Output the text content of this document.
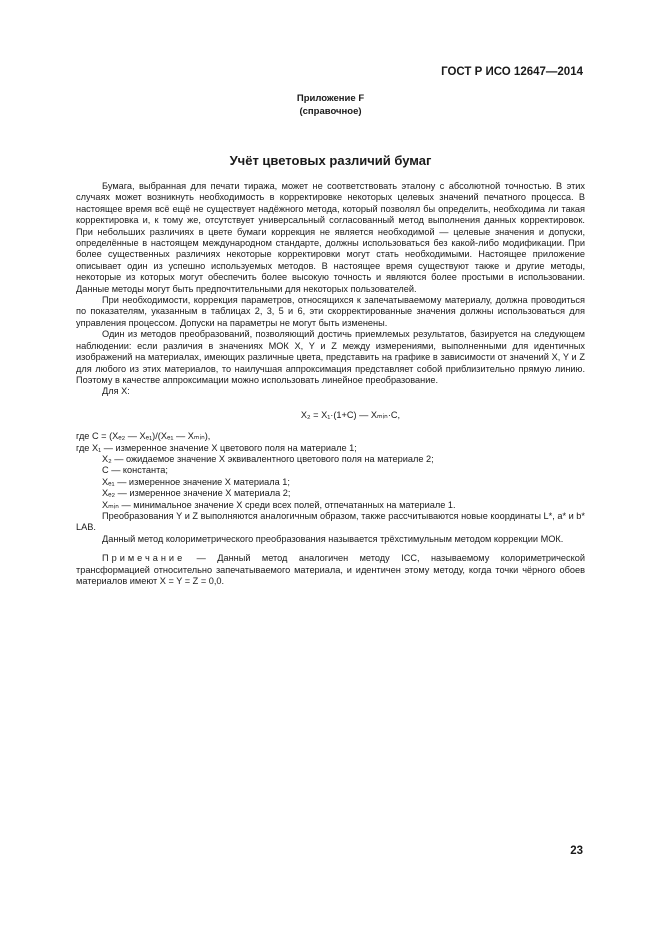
ГОСТ Р ИСО 12647—2014
Приложение F
(справочное)
Учёт цветовых различий бумаг

Бумага, выбранная для печати тиража, может не соответствовать эталону с абсолютной точностью. В этих случаях может возникнуть необходимость в корректировке некоторых целевых значений печатного процесса. В настоящее время всё ещё не существует надёжного метода, который позволял бы определить, необходима ли такая корректировка и, к тому же, отсутствует универсальный согласованный метод выполнения данных корректировок. При небольших различиях в цвете бумаги коррекция не является необходимой — целевые значения и допуски, определённые в настоящем международном стандарте, должны использоваться без какой-либо модификации. При более существенных различиях некоторые корректировки могут стать необходимыми. Настоящее приложение описывает один из успешно используемых методов. В настоящее время существуют также и другие методы, некоторые из которых могут обеспечить более высокую точность и являются более простыми в использовании. Данные методы могут быть предпочтительными для некоторых пользователей.

При необходимости, коррекция параметров, относящихся к запечатываемому материалу, должна проводиться по показателям, указанным в таблицах 2, 3, 5 и 6, эти скорректированные значения должны использоваться для управления процессом. Допуски на параметры не могут быть изменены.

Один из методов преобразований, позволяющий достичь приемлемых результатов, базируется на следующем наблюдении: если различия в значениях МОК X, Y и Z между измерениями, выполненными для идентичных изображений на материалах, имеющих различные цвета, представить на графике в зависимости от значений X, Y и Z для любого из этих материалов, то наилучшая аппроксимация представляет собой приблизительно прямую линию. Поэтому в качестве аппроксимации можно использовать линейное преобразование.

Для X:

X₂ = X₁·(1+C) — Xₘᵢₙ·C,

где C = (Xₑ₂ — Xₑ₁)/(Xₑ₁ — Xₘᵢₙ),

где X₁ — измеренное значение X цветового поля на материале 1;

X₂ — ожидаемое значение X эквивалентного цветового поля на материале 2;

C — константа;

Xₑ₁ — измеренное значение X материала 1;

Xₑ₂ — измеренное значение X материала 2;

Xₘᵢₙ — минимальное значение X среди всех полей, отпечатанных на материале 1.

Преобразования Y и Z выполняются аналогичным образом, также рассчитываются новые координаты L*, a* и b* LAB.

Данный метод колориметрического преобразования называется трёхстимульным методом коррекции МОК.

Примечание — Данный метод аналогичен методу ICC, называемому колориметрической трансформацией относительно запечатываемого материала, и идентичен этому методу, когда точки чёрного обоев материалов имеют X = Y = Z = 0,0.

23
